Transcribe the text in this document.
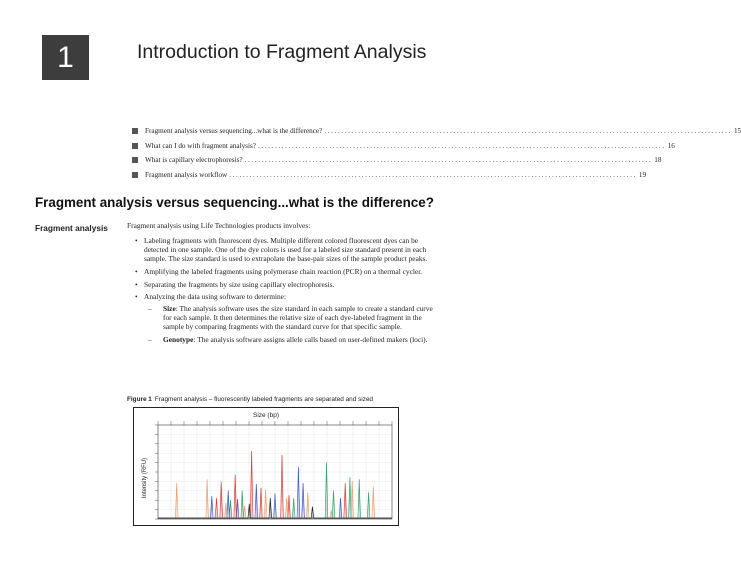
1	Introduction to Fragment Analysis
Fragment analysis versus sequencing...what is the difference? ........................................................................................................................ 15
What can I do with fragment analysis? ........................................................................................................................ 16
What is capillary electrophoresis? ........................................................................................................................ 18
Fragment analysis workflow ........................................................................................................................ 19
Fragment analysis versus sequencing...what is the difference?
Fragment analysis	Fragment analysis using Life Technologies products involves:

• Labeling fragments with fluorescent dyes. Multiple different colored fluorescent dyes can be detected in one sample. One of the dye colors is used for a labeled size standard present in each sample. The size standard is used to extrapolate the base-pair sizes of the sample product peaks.
• Amplifying the labeled fragments using polymerase chain reaction (PCR) on a thermal cycler.
• Separating the fragments by size using capillary electrophoresis.
• Analyzing the data using software to determine:
– Size: The analysis software uses the size standard in each sample to create a standard curve for each sample. It then determines the relative size of each dye-labeled fragment in the sample by comparing fragments with the standard curve for that specific sample.
– Genotype: The analysis software assigns allele calls based on user-defined makers (loci).
Figure 1 Fragment analysis – fluorescently labeled fragments are separated and sized
Size (bp)
Intensity (RFU)
